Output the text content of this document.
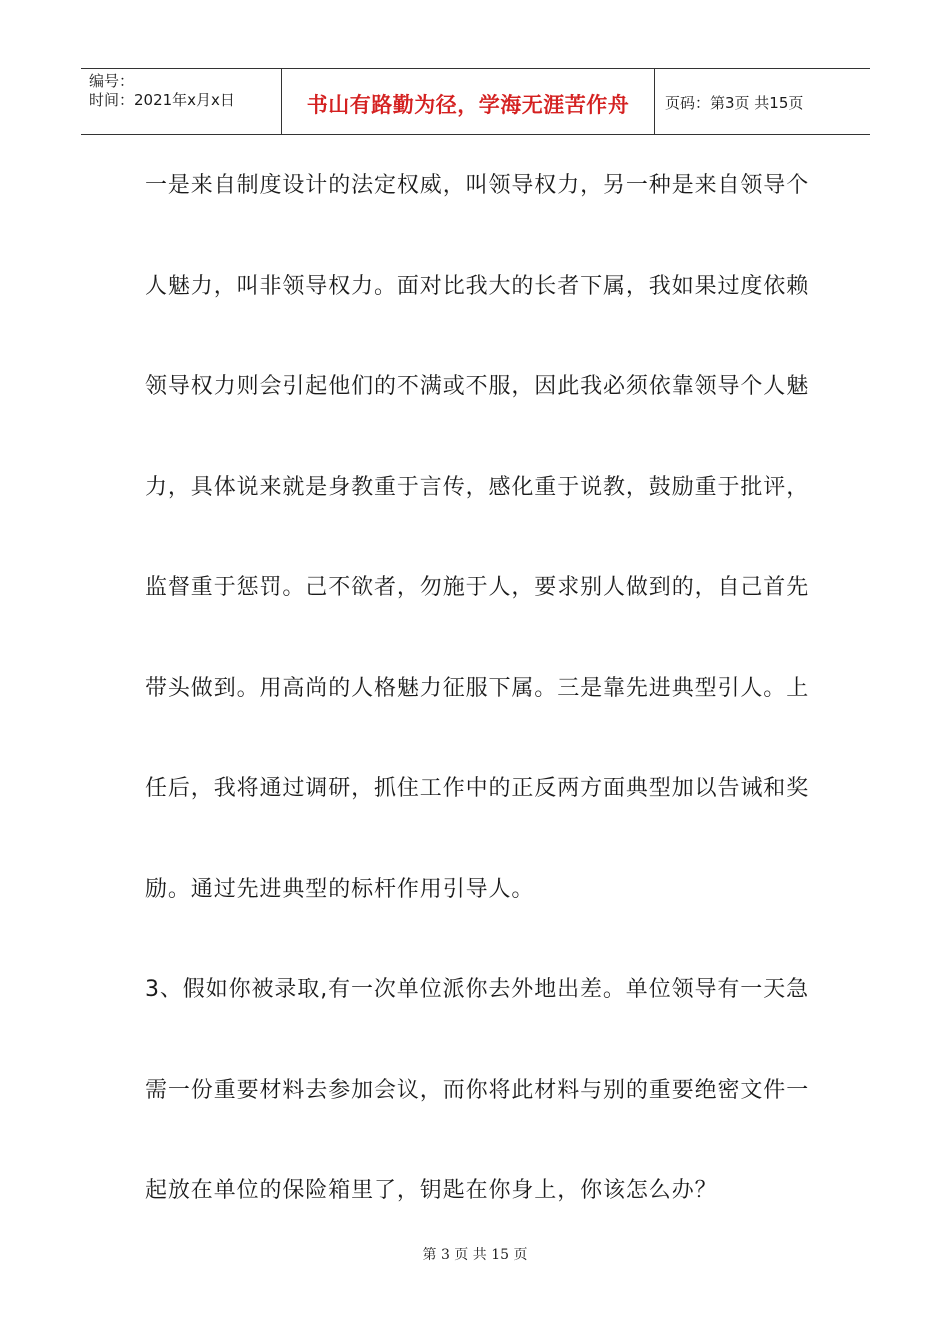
编号：
时间：2021年x月x日	书山有路勤为径，学海无涯苦作舟 页码：第3页 共15页
一是来自制度设计的法定权威，叫领导权力，另一种是来自领导个
人魅力，叫非领导权力。面对比我大的长者下属，我如果过度依赖
领导权力则会引起他们的不满或不服，因此我必须依靠领导个人魅
力，具体说来就是身教重于言传，感化重于说教，鼓励重于批评，
监督重于惩罚。己不欲者，勿施于人，要求别人做到的，自己首先
带头做到。用高尚的人格魅力征服下属。三是靠先进典型引人。上
任后，我将通过调研，抓住工作中的正反两方面典型加以告诫和奖
励。通过先进典型的标杆作用引导人。
3、假如你被录取,有一次单位派你去外地出差。单位领导有一天急
需一份重要材料去参加会议，而你将此材料与别的重要绝密文件一
起放在单位的保险箱里了，钥匙在你身上，你该怎么办？
第 3 页 共 15 页
